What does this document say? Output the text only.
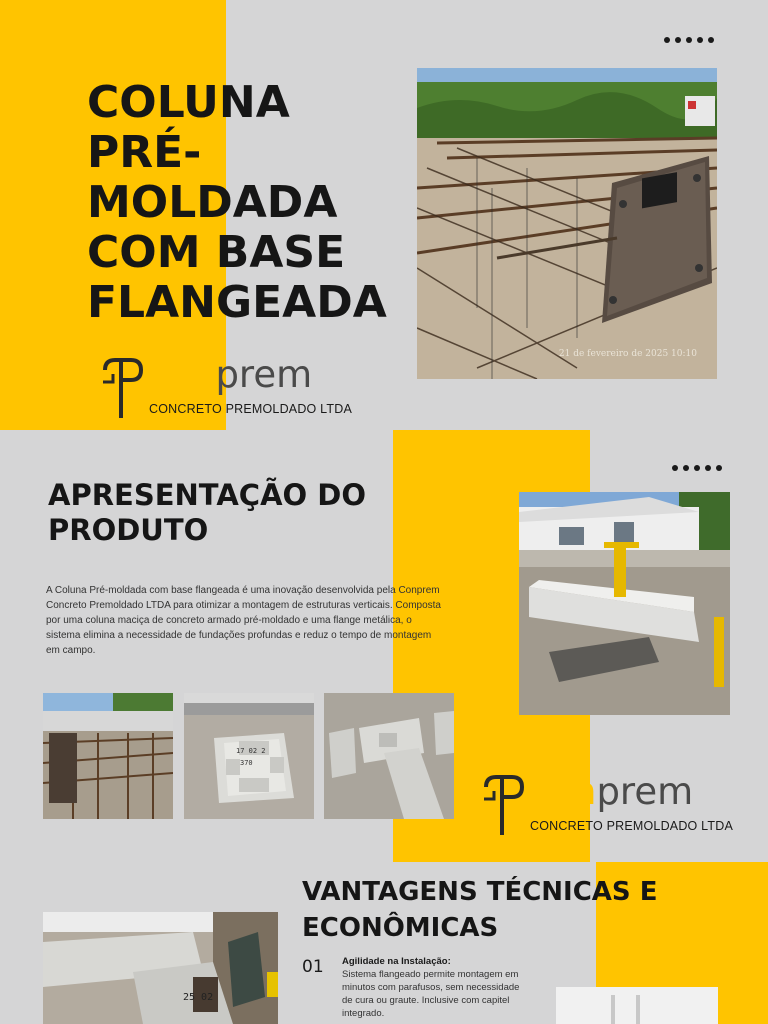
COLUNA
PRÉ-
MOLDADA
COM BASE
FLANGEADA
21 de fevereiro de 2025 10:10
conprem
CONCRETO PREMOLDADO LTDA
APRESENTAÇÃO DO
PRODUTO
A Coluna Pré-moldada com base flangeada é uma inovação desenvolvida pela Conprem Concreto Premoldado LTDA para otimizar a montagem de estruturas verticais. Composta por uma coluna maciça de concreto armado pré-moldado e uma flange metálica, o sistema elimina a necessidade de fundações profundas e reduz o tempo de montagem em campo.
17 02 2
370
conprem
CONCRETO PREMOLDADO LTDA
VANTAGENS TÉCNICAS E
ECONÔMICAS
01 Agilidade na Instalação:
Sistema flangeado permite montagem em minutos com parafusos, sem necessidade de cura ou graute. Inclusive com capitel integrado.
25 02
